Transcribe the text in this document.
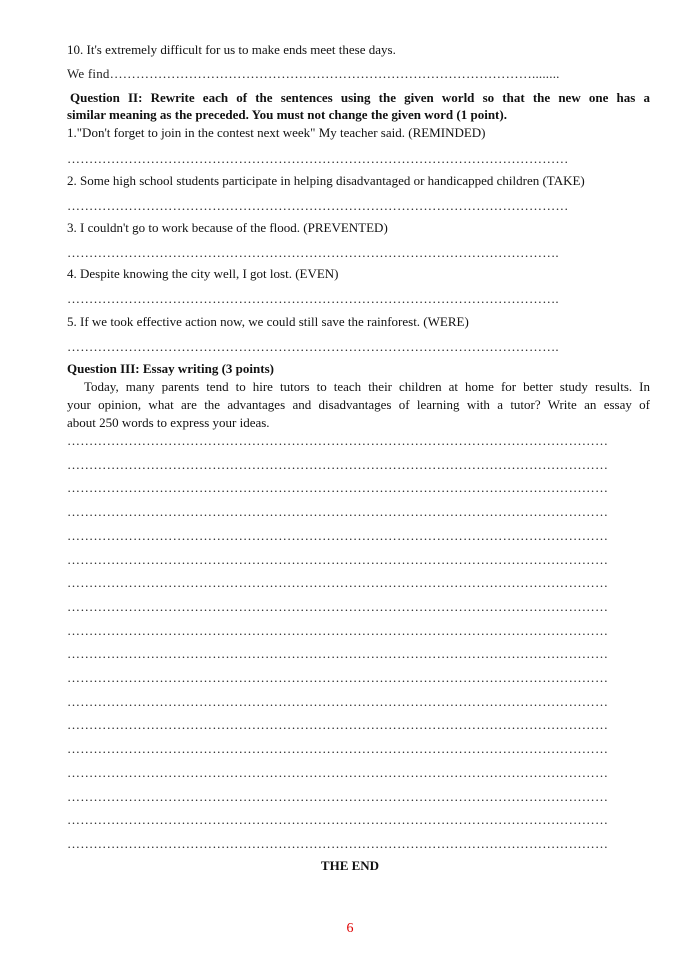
10. It's extremely difficult for us to make ends meet these days.
We find……………………………………………………………………………………........
Question II: Rewrite each of the sentences using the given world so that the new one has a
similar meaning as the preceded. You must not change the given word (1 point).
1."Don't forget to join in the contest next week" My teacher said. (REMINDED)
……………………………………………………………………………………………………
2. Some high school students participate in helping disadvantaged or handicapped children (TAKE)
……………………………………………………………………………………………………
3. I couldn't go to work because of the flood. (PREVENTED)
………………………………………………………………………………………………….
4. Despite knowing the city well, I got lost. (EVEN)
………………………………………………………………………………………………….
5. If we took effective action now, we could still save the rainforest. (WERE)
………………………………………………………………………………………………….
Question III: Essay writing (3 points)
Today, many parents tend to hire tutors to teach their children at home for better study results. In
your opinion, what are the advantages and disadvantages of learning with a tutor? Write an essay of
about 250 words to express your ideas.
……………………………………………………………………………………………………………
……………………………………………………………………………………………………………
……………………………………………………………………………………………………………
……………………………………………………………………………………………………………
……………………………………………………………………………………………………………
……………………………………………………………………………………………………………
……………………………………………………………………………………………………………
……………………………………………………………………………………………………………
……………………………………………………………………………………………………………
……………………………………………………………………………………………………………
……………………………………………………………………………………………………………
……………………………………………………………………………………………………………
……………………………………………………………………………………………………………
……………………………………………………………………………………………………………
……………………………………………………………………………………………………………
……………………………………………………………………………………………………………
……………………………………………………………………………………………………………
……………………………………………………………………………………………………………
THE END
6
